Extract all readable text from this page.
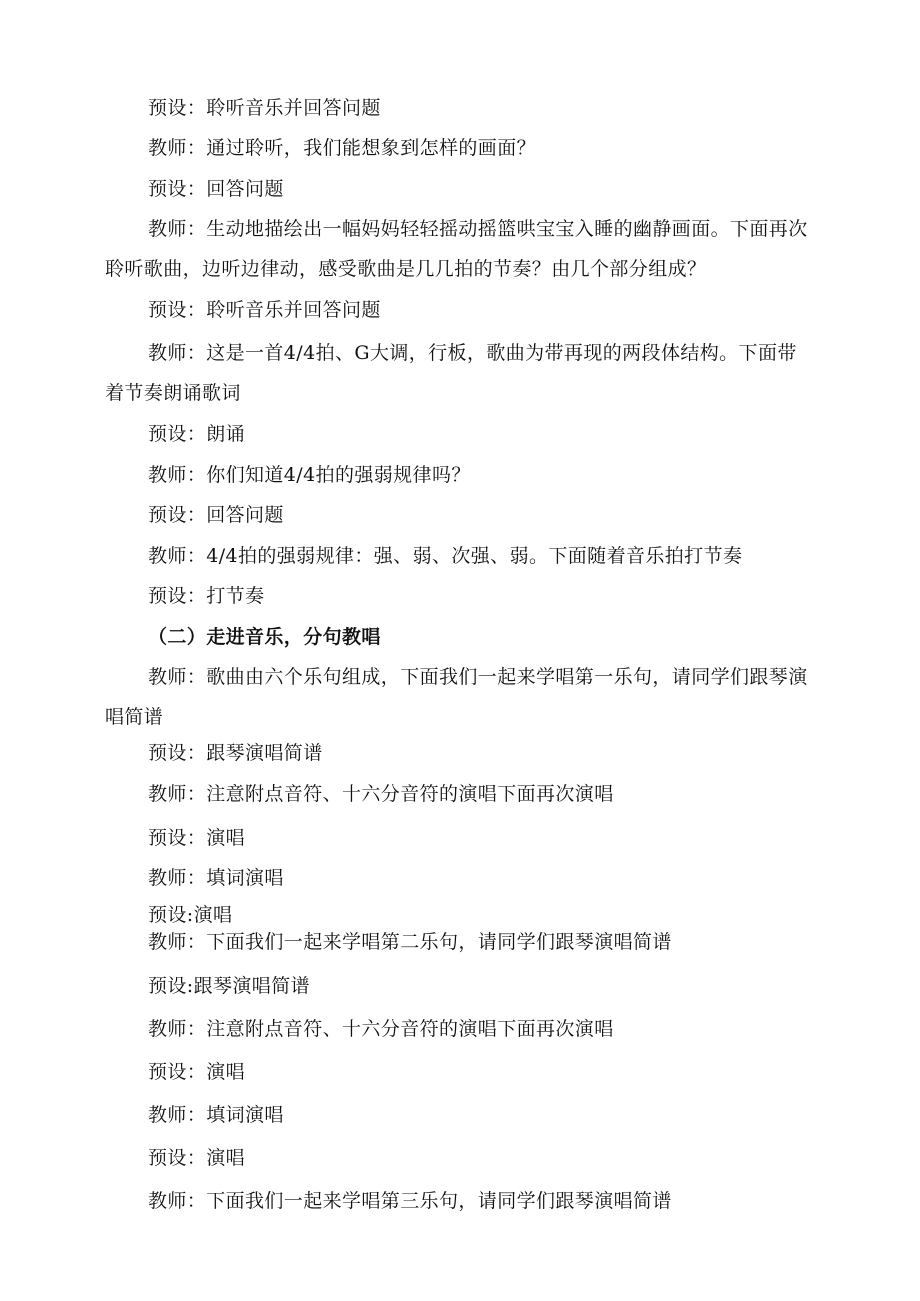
预设：聆听音乐并回答问题
教师：通过聆听，我们能想象到怎样的画面？
预设：回答问题
教师：生动地描绘出一幅妈妈轻轻摇动摇篮哄宝宝入睡的幽静画面。下面再次聆听歌曲，边听边律动，感受歌曲是几几拍的节奏？由几个部分组成？
预设：聆听音乐并回答问题
教师：这是一首4/4拍、G大调，行板，歌曲为带再现的两段体结构。下面带着节奏朗诵歌词
预设：朗诵
教师：你们知道4/4拍的强弱规律吗？
预设：回答问题
教师：4/4拍的强弱规律：强、弱、次强、弱。下面随着音乐拍打节奏
预设：打节奏
（二）走进音乐，分句教唱
教师：歌曲由六个乐句组成，下面我们一起来学唱第一乐句，请同学们跟琴演唱简谱
预设：跟琴演唱简谱
教师：注意附点音符、十六分音符的演唱下面再次演唱
预设：演唱
教师：填词演唱
预设:演唱
教师：下面我们一起来学唱第二乐句，请同学们跟琴演唱简谱
预设:跟琴演唱简谱
教师：注意附点音符、十六分音符的演唱下面再次演唱
预设：演唱
教师：填词演唱
预设：演唱
教师：下面我们一起来学唱第三乐句，请同学们跟琴演唱简谱
